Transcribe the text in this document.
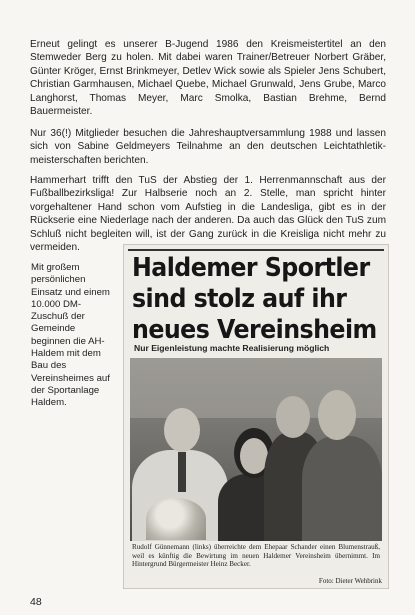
Erneut gelingt es unserer B-Jugend 1986 den Kreismeistertitel an den Stemweder Berg zu holen. Mit dabei waren Trainer/Betreuer Norbert Gräber, Günter Kröger, Ernst Brinkmeyer, Detlev Wick sowie als Spieler Jens Schubert, Christian Garmhausen, Michael Quebe, Michael Grunwald, Jens Grube, Marco Langhorst, Thomas Meyer, Marc Smolka, Bastian Brehme, Bernd Bauermeister.

Nur 36(!) Mitglieder besuchen die Jahreshauptversammlung 1988 und lassen sich von Sabine Geldmeyers Teilnahme an den deutschen Leichtathletik-meisterschaften berichten.

Hammerhart trifft den TuS der Abstieg der 1. Herrenmannschaft aus der Fußballbezirksliga! Zur Halbserie noch an 2. Stelle, man spricht hinter vorgehaltener Hand schon vom Aufstieg in die Landesliga, gibt es in der Rückserie eine Niederlage nach der anderen. Da auch das Glück den TuS zum Schluß nicht begleiten will, ist der Gang zurück in die Kreisliga nicht mehr zu vermeiden.

Mit großem persönlichen Einsatz und einem 10.000 DM-Zuschuß der Gemeinde beginnen die AH-Haldem mit dem Bau des Vereinsheimes auf der Sportanlage Haldem.

Haldemer Sportler
sind stolz auf ihr
neues Vereinsheim
Nur Eigenleistung machte Realisierung möglich

Rudolf Günnemann (links) überreichte dem Ehepaar Schander einen Blumenstrauß, weil es künftig die Bewirtung im neuen Haldemer Vereinsheim übernimmt. Im Hintergrund Bürgermeister Heinz Becker.

Foto: Dieter Wehbrink
48
